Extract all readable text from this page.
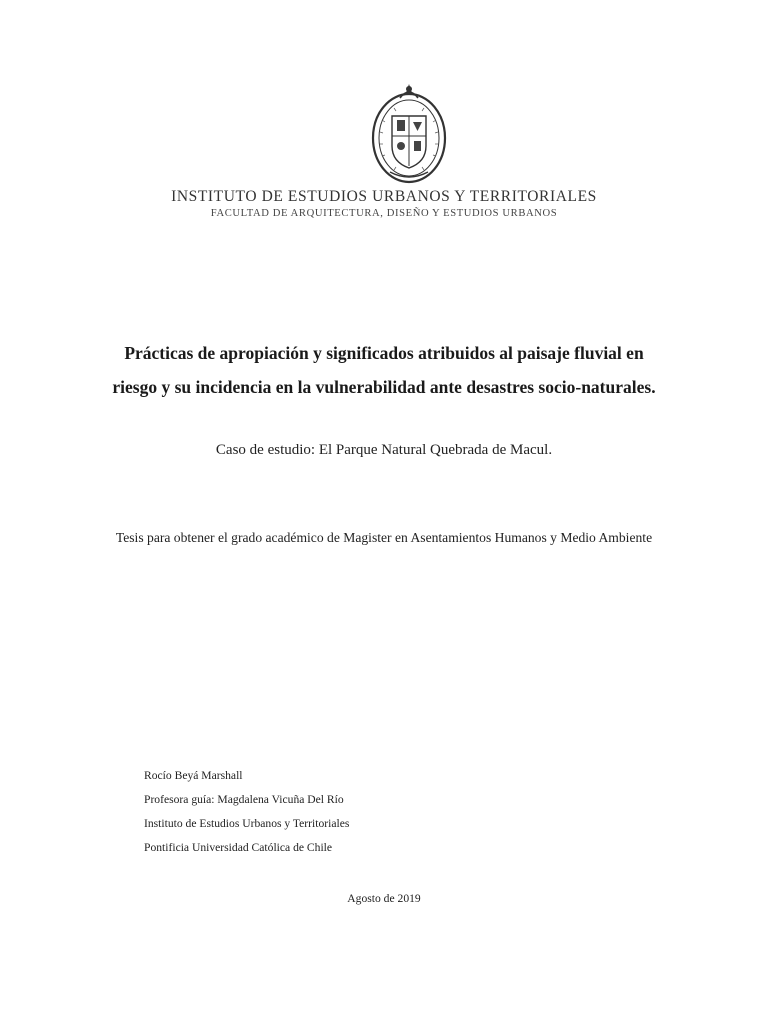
INSTITUTO DE ESTUDIOS URBANOS Y TERRITORIALES

FACULTAD DE ARQUITECTURA, DISEÑO Y ESTUDIOS URBANOS

Prácticas de apropiación y significados atribuidos al paisaje fluvial en riesgo y su incidencia en la vulnerabilidad ante desastres socio-naturales.

Caso de estudio: El Parque Natural Quebrada de Macul.

Tesis para obtener el grado académico de Magister en Asentamientos Humanos y Medio Ambiente

Rocío Beyá Marshall
Profesora guía: Magdalena Vicuña Del Río
Instituto de Estudios Urbanos y Territoriales
Pontificia Universidad Católica de Chile

Agosto de 2019
